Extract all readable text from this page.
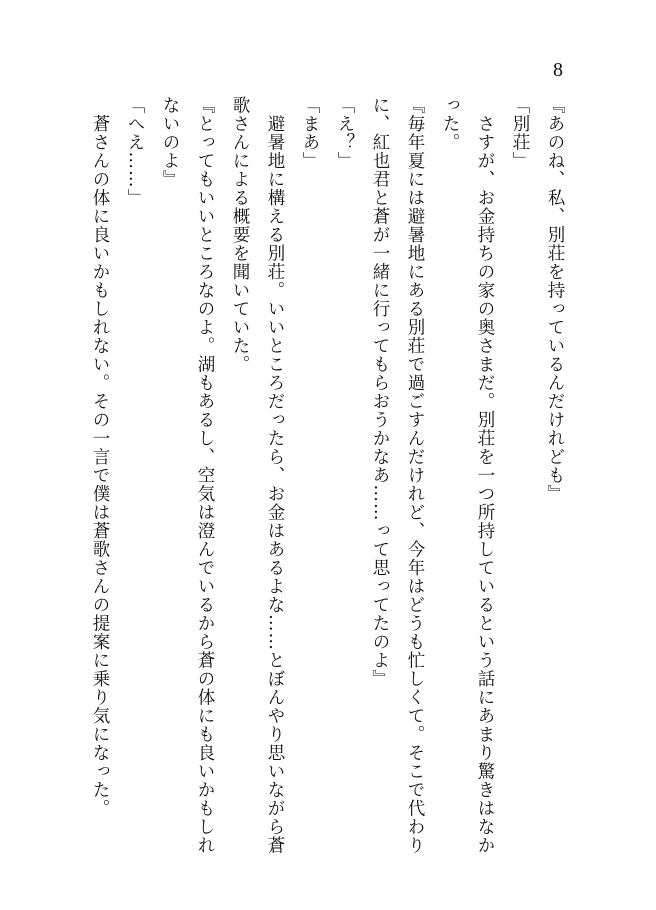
8

『あのね、私、別荘を持っているんだけれども』

「別荘」

　さすが、お金持ちの家の奥さまだ。別荘を一つ所持しているという話にあまり驚きはなかった。

『毎年夏には避暑地にある別荘で過ごすんだけれど、今年はどうも忙しくて。そこで代わりに、紅也君と蒼が一緒に行ってもらおうかなあ……って思ってたのよ』

「え？」

「まあ」

　避暑地に構える別荘。いいところだったら、お金はあるよな……とぼんやり思いながら蒼歌さんによる概要を聞いていた。

『とってもいいところなのよ。湖もあるし、空気は澄んでいるから蒼の体にも良いかもしれないのよ』

「へえ……」

　蒼さんの体に良いかもしれない。その一言で僕は蒼歌さんの提案に乗り気になった。
